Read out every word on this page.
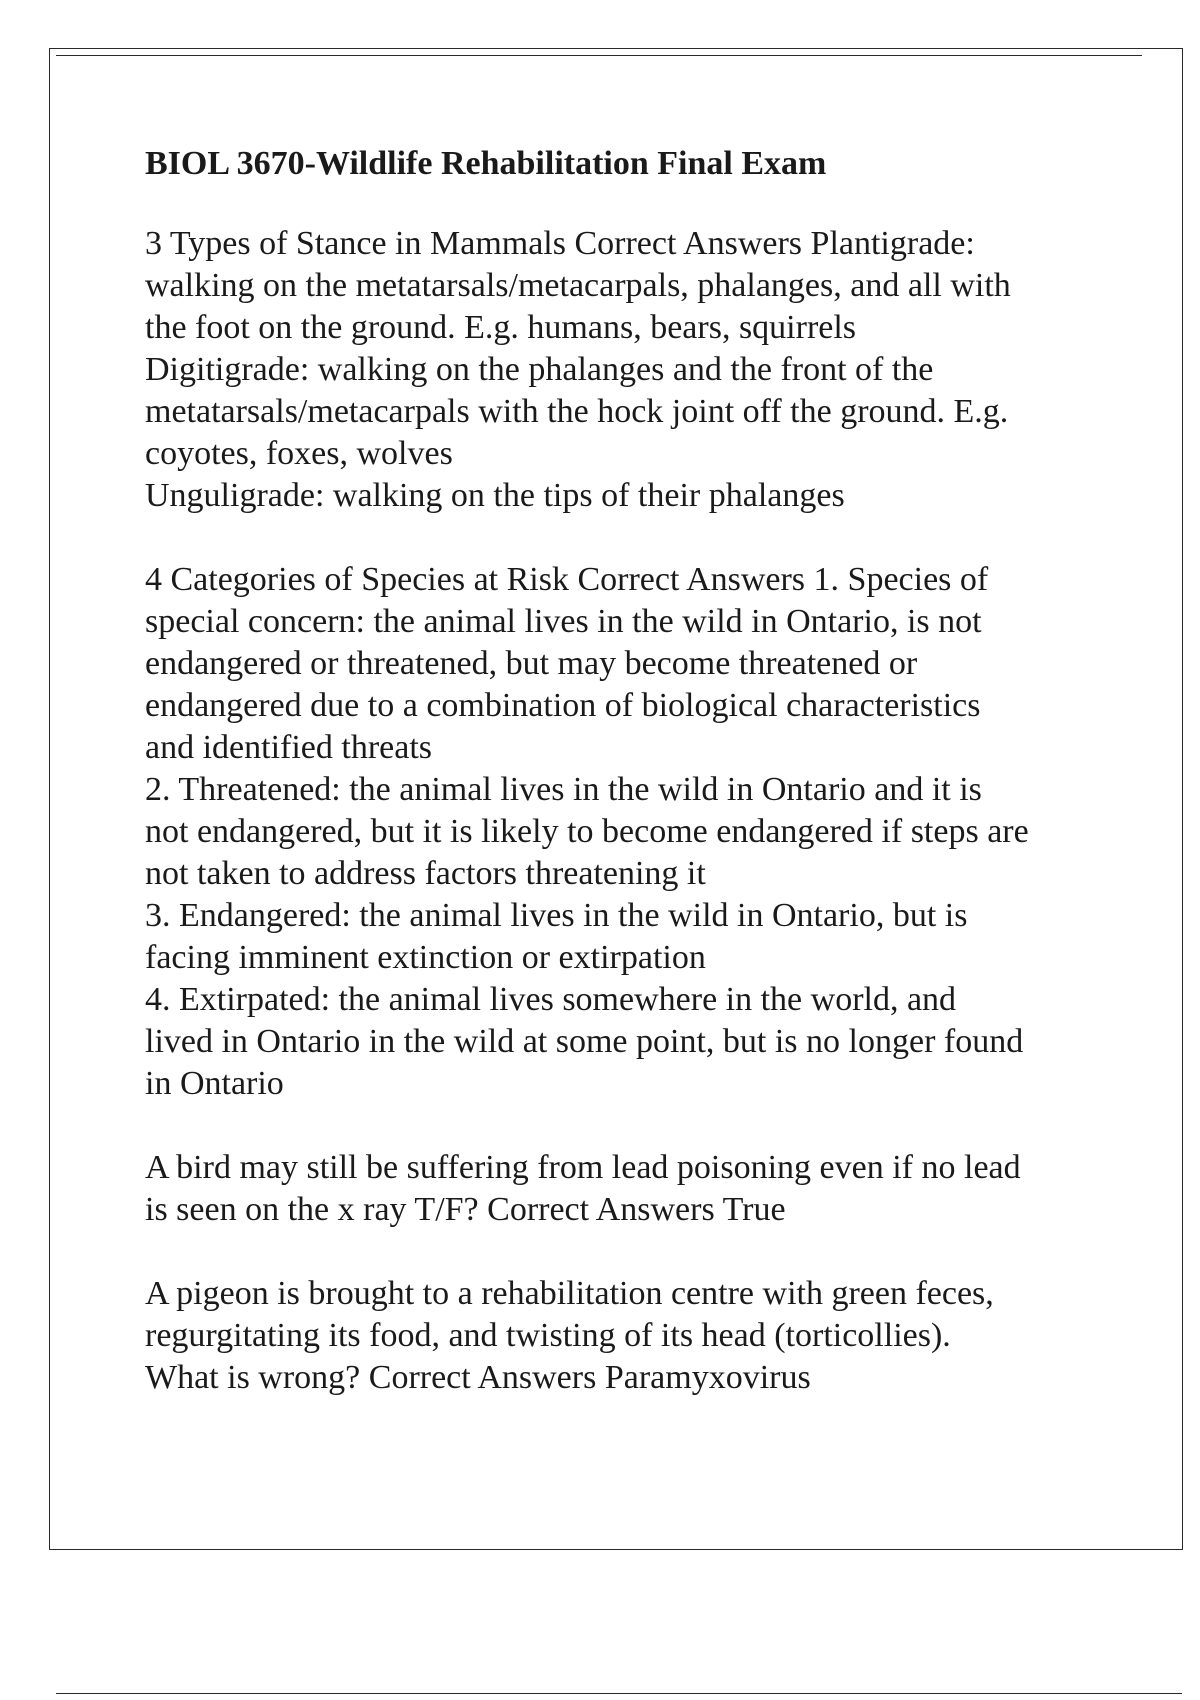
BIOL 3670-Wildlife Rehabilitation Final Exam
3 Types of Stance in Mammals Correct Answers Plantigrade:
walking on the metatarsals/metacarpals, phalanges, and all with
the foot on the ground. E.g. humans, bears, squirrels
Digitigrade: walking on the phalanges and the front of the
metatarsals/metacarpals with the hock joint off the ground. E.g.
coyotes, foxes, wolves
Unguligrade: walking on the tips of their phalanges
4 Categories of Species at Risk Correct Answers 1. Species of
special concern: the animal lives in the wild in Ontario, is not
endangered or threatened, but may become threatened or
endangered due to a combination of biological characteristics
and identified threats
2. Threatened: the animal lives in the wild in Ontario and it is
not endangered, but it is likely to become endangered if steps are
not taken to address factors threatening it
3. Endangered: the animal lives in the wild in Ontario, but is
facing imminent extinction or extirpation
4. Extirpated: the animal lives somewhere in the world, and
lived in Ontario in the wild at some point, but is no longer found
in Ontario
A bird may still be suffering from lead poisoning even if no lead
is seen on the x ray T/F? Correct Answers True
A pigeon is brought to a rehabilitation centre with green feces,
regurgitating its food, and twisting of its head (torticollies).
What is wrong? Correct Answers Paramyxovirus
